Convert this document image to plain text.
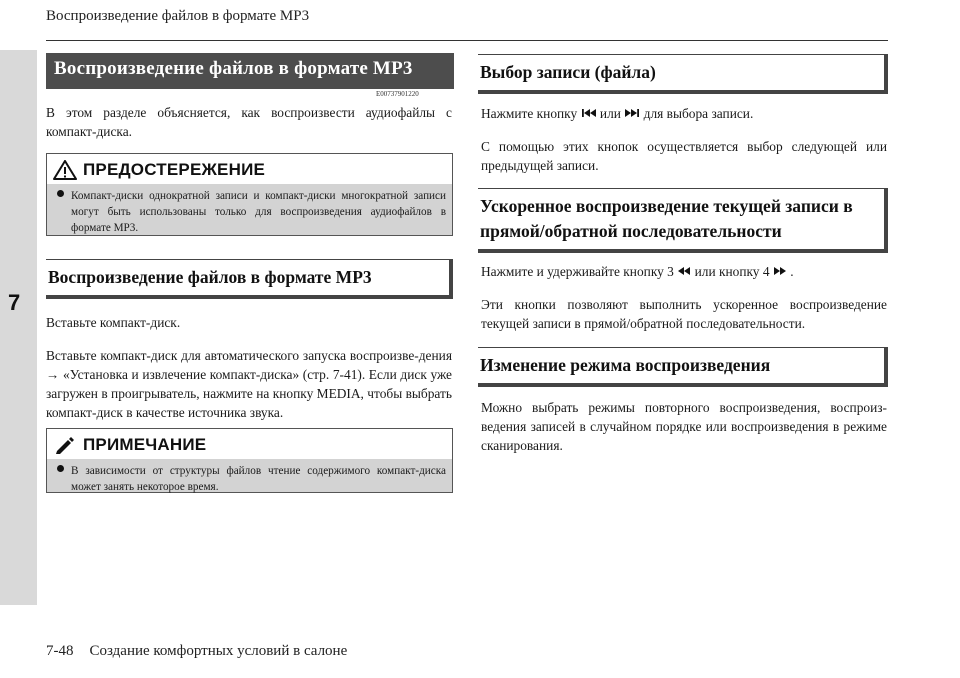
7
Воспроизведение файлов в формате MP3
7-48 Создание комфортных условий в салоне
Воспроизведение файлов в формате MP3
E00737901220
В этом разделе объясняется, как воспроизвести аудиофайлы с компакт-диска.
ПРЕДОСТЕРЕЖЕНИЕ
Компакт-диски однократной записи и компакт-диски многократной записи могут быть использованы только для воспроизведения аудиофайлов в формате MP3.
Воспроизведение файлов в формате MP3
Вставьте компакт-диск.
Вставьте компакт-диск для автоматического запуска воспроизве-дения → «Установка и извлечение компакт-диска» (стр. 7-41). Если диск уже загружен в проигрыватель, нажмите на кнопку MEDIA, чтобы выбрать компакт-диск в качестве источника звука.
ПРИМЕЧАНИЕ
В зависимости от структуры файлов чтение содержимого компакт-диска может занять некоторое время.
Выбор записи (файла)
Нажмите кнопку или для выбора записи.
С помощью этих кнопок осуществляется выбор следующей или предыдущей записи.
Ускоренное воспроизведение текущей записи в прямой/обратной последовательности
Нажмите и удерживайте кнопку 3 или кнопку 4 .
Эти кнопки позволяют выполнить ускоренное воспроизведение текущей записи в прямой/обратной последовательности.
Изменение режима воспроизведения
Можно выбрать режимы повторного воспроизведения, воспроиз-ведения записей в случайном порядке или воспроизведения в режиме сканирования.
